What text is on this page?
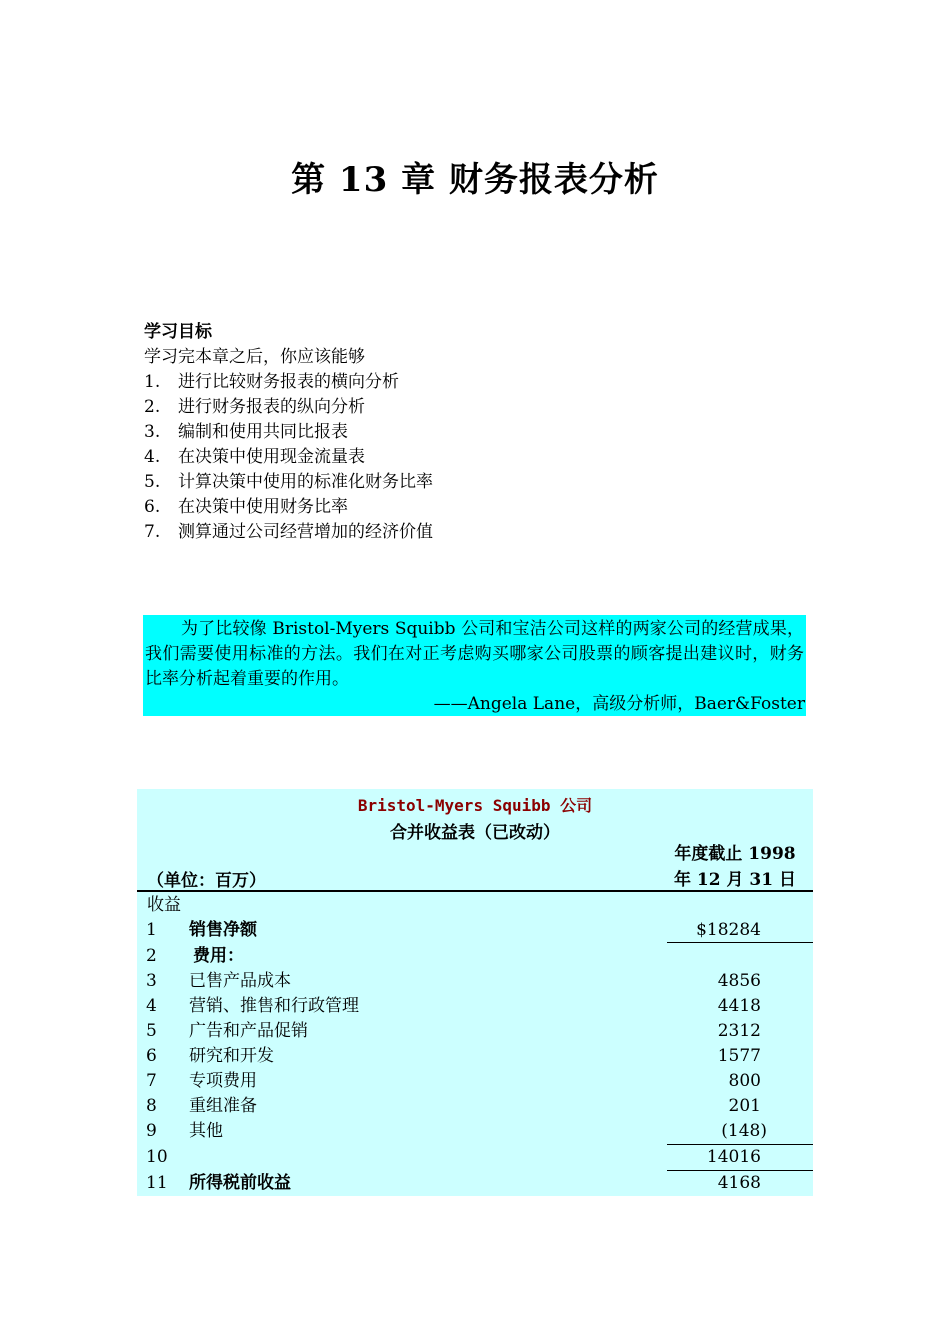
第 13 章 财务报表分析
学习目标
学习完本章之后，你应该能够
1.	进行比较财务报表的横向分析
2.	进行财务报表的纵向分析
3.	编制和使用共同比报表
4.	在决策中使用现金流量表
5.	计算决策中使用的标准化财务比率
6.	在决策中使用财务比率
7.	测算通过公司经营增加的经济价值
为了比较像 Bristol-Myers Squibb 公司和宝洁公司这样的两家公司的经营成果，我们需要使用标准的方法。我们在对正考虑购买哪家公司股票的顾客提出建议时，财务比率分析起着重要的作用。
——Angela Lane，高级分析师，Baer&Foster
Bristol-Myers Squibb 公司
合并收益表（已改动）
（单位：百万）
年度截止 1998
年 12 月 31 日
收益
1 销售净额	$18284
2 费用：
3 已售产品成本	4856
4 营销、推售和行政管理	4418
5 广告和产品促销	2312
6 研究和开发	1577
7 专项费用	800
8 重组准备	201
9 其他	(148)
10	14016
11 所得税前收益	4168
